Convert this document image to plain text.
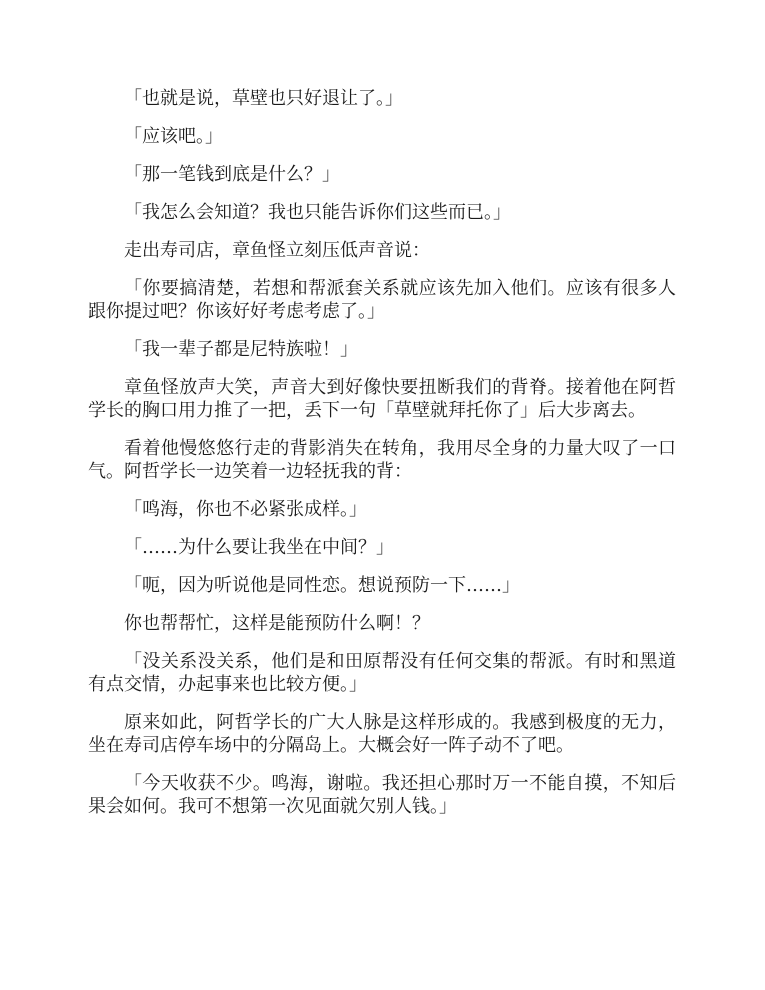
「也就是说，草壁也只好退让了。」

「应该吧。」

「那一笔钱到底是什么？」

「我怎么会知道？我也只能告诉你们这些而已。」

走出寿司店，章鱼怪立刻压低声音说：

「你要搞清楚，若想和帮派套关系就应该先加入他们。应该有很多人跟你提过吧？你该好好考虑考虑了。」

「我一辈子都是尼特族啦！」

章鱼怪放声大笑，声音大到好像快要扭断我们的背脊。接着他在阿哲学长的胸口用力推了一把，丢下一句「草壁就拜托你了」后大步离去。

看着他慢悠悠行走的背影消失在转角，我用尽全身的力量大叹了一口气。阿哲学长一边笑着一边轻抚我的背：

「鸣海，你也不必紧张成样。」

「……为什么要让我坐在中间？」

「呃，因为听说他是同性恋。想说预防一下……」

你也帮帮忙，这样是能预防什么啊！？

「没关系没关系，他们是和田原帮没有任何交集的帮派。有时和黑道有点交情，办起事来也比较方便。」

原来如此，阿哲学长的广大人脉是这样形成的。我感到极度的无力，坐在寿司店停车场中的分隔岛上。大概会好一阵子动不了吧。

「今天收获不少。鸣海，谢啦。我还担心那时万一不能自摸，不知后果会如何。我可不想第一次见面就欠别人钱。」
